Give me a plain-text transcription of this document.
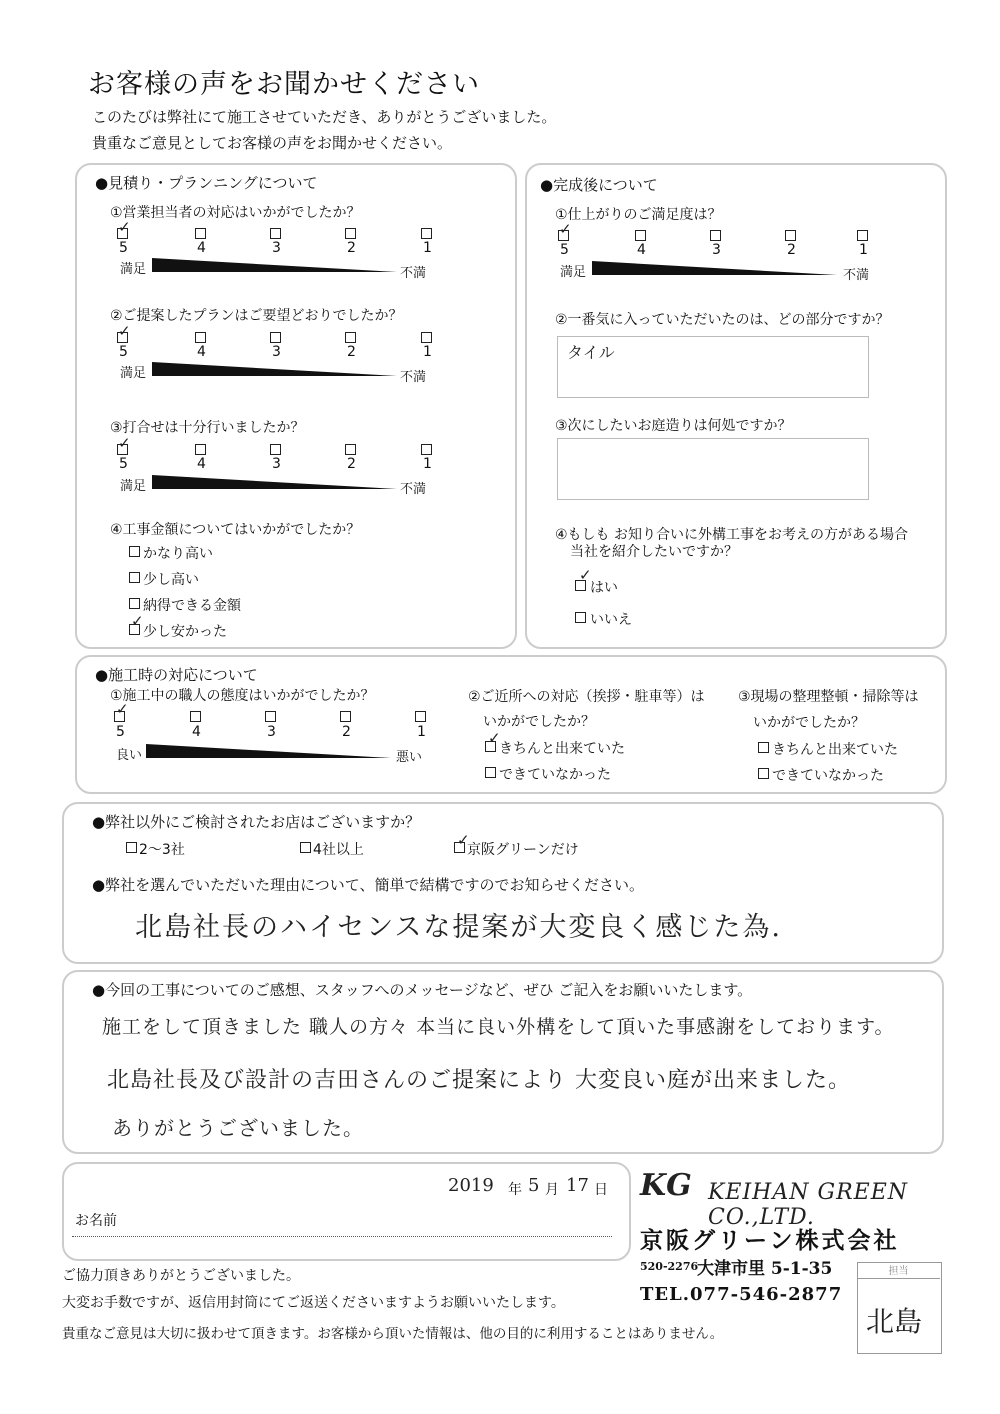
お客様の声をお聞かせください
このたびは弊社にて施工させていただき、ありがとうございました。
貴重なご意見としてお客様の声をお聞かせください。
●見積り・プランニングについて
①営業担当者の対応はいかがでしたか？
✓
5	4	3	2	1
満足	不満
②ご提案したプランはご要望どおりでしたか？
✓
5	4	3	2	1
満足	不満
③打合せは十分行いましたか？
✓
5	4	3	2	1
満足	不満
④工事金額についてはいかがでしたか？
かなり高い
少し高い
納得できる金額
✓
少し安かった
●完成後について
①仕上がりのご満足度は？
✓
5	4	3	2	1
満足	不満
②一番気に入っていただいたのは、どの部分ですか？
タイル
③次にしたいお庭造りは何処ですか？
④もしも お知り合いに外構工事をお考えの方がある場合
当社を紹介したいですか？
✓
はい
いいえ
●施工時の対応について
①施工中の職人の態度はいかがでしたか？
✓
5	4	3	2	1
良い	悪い
②ご近所への対応（挨拶・駐車等）は
いかがでしたか？
✓
きちんと出来ていた
できていなかった
③現場の整理整頓・掃除等は
いかがでしたか？
きちんと出来ていた
できていなかった
●弊社以外にご検討されたお店はございますか？
2～3社	4社以上
✓
京阪グリーンだけ
●弊社を選んでいただいた理由について、簡単で結構ですのでお知らせください。
北島社長のハイセンスな提案が大変良く感じた為.
●今回の工事についてのご感想、スタッフへのメッセージなど、ぜひ ご記入をお願いいたします。
施工をして頂きました 職人の方々 本当に良い外構をして頂いた事感謝をしております。
北島社長及び設計の吉田さんのご提案により 大変良い庭が出来ました。
ありがとうございました。
2019 年 5 月 17 日
お名前
KG KEIHAN GREEN CO.,LTD.
京阪グリーン株式会社
520-2276
大津市里 5-1-35
TEL.077-546-2877
担当
北島
ご協力頂きありがとうございました。
大変お手数ですが、返信用封筒にてご返送くださいますようお願いいたします。
貴重なご意見は大切に扱わせて頂きます。お客様から頂いた情報は、他の目的に利用することはありません。
